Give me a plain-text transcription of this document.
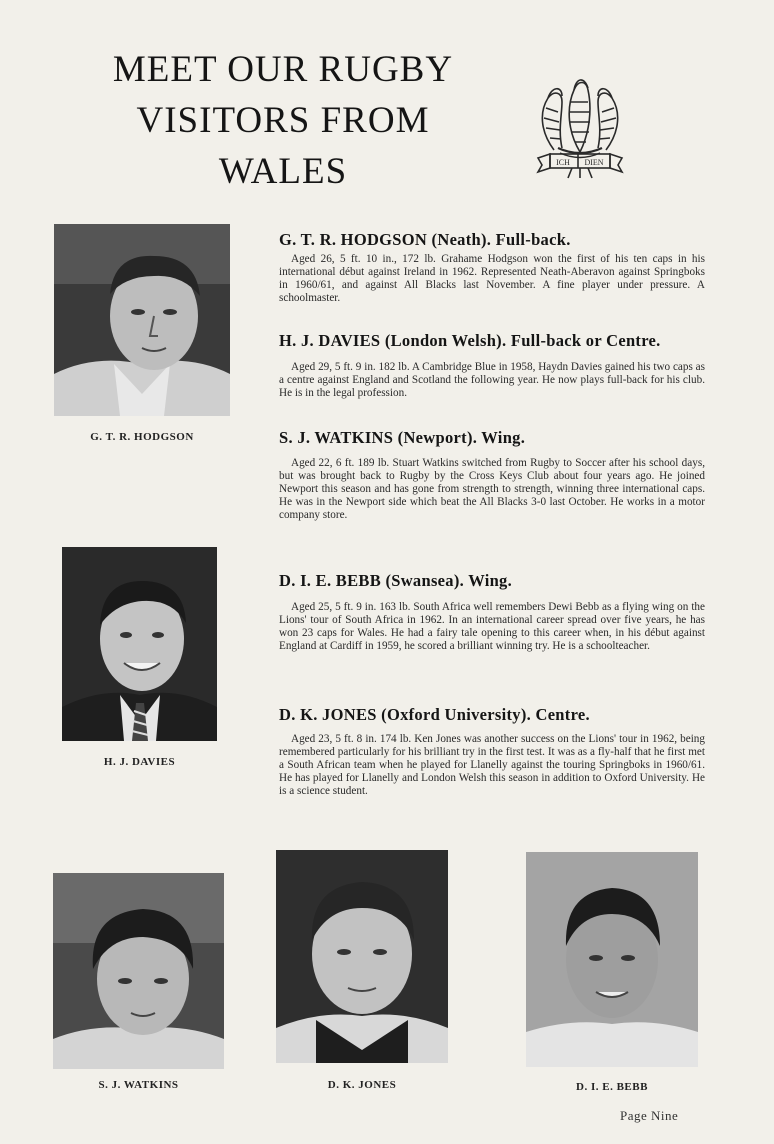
MEET OUR RUGBY
VISITORS FROM
WALES	ICH DIEN
G. T. R. HODGSON
H. J. DAVIES
G. T. R. HODGSON (Neath). Full-back.

Aged 26, 5 ft. 10 in., 172 lb. Grahame Hodgson won the first of his ten caps in his international début against Ireland in 1962. Represented Neath-Aberavon against Springboks in 1960/61, and against All Blacks last November. A fine player under pressure. A schoolmaster.

H. J. DAVIES (London Welsh). Full-back or Centre.

Aged 29, 5 ft. 9 in. 182 lb. A Cambridge Blue in 1958, Haydn Davies gained his two caps as a centre against England and Scotland the following year. He now plays full-back for his club. He is in the legal profession.

S. J. WATKINS (Newport). Wing.

Aged 22, 6 ft. 189 lb. Stuart Watkins switched from Rugby to Soccer after his school days, but was brought back to Rugby by the Cross Keys Club about four years ago. He joined Newport this season and has gone from strength to strength, winning three international caps. He was in the Newport side which beat the All Blacks 3-0 last October. He works in a motor company store.

D. I. E. BEBB (Swansea). Wing.

Aged 25, 5 ft. 9 in. 163 lb. South Africa well remembers Dewi Bebb as a flying wing on the Lions' tour of South Africa in 1962. In an international career spread over five years, he has won 23 caps for Wales. He had a fairy tale opening to this career when, in his début against England at Cardiff in 1959, he scored a brilliant winning try. He is a schoolteacher.

D. K. JONES (Oxford University). Centre.

Aged 23, 5 ft. 8 in. 174 lb. Ken Jones was another success on the Lions' tour in 1962, being remembered particularly for his brilliant try in the first test. It was as a fly-half that he first met a South African team when he played for Llanelly against the touring Springboks in 1960/61. He has played for Llanelly and London Welsh this season in addition to Oxford University. He is a science student.

S. J. WATKINS	D. K. JONES	D. I. E. BEBB
Page Nine
